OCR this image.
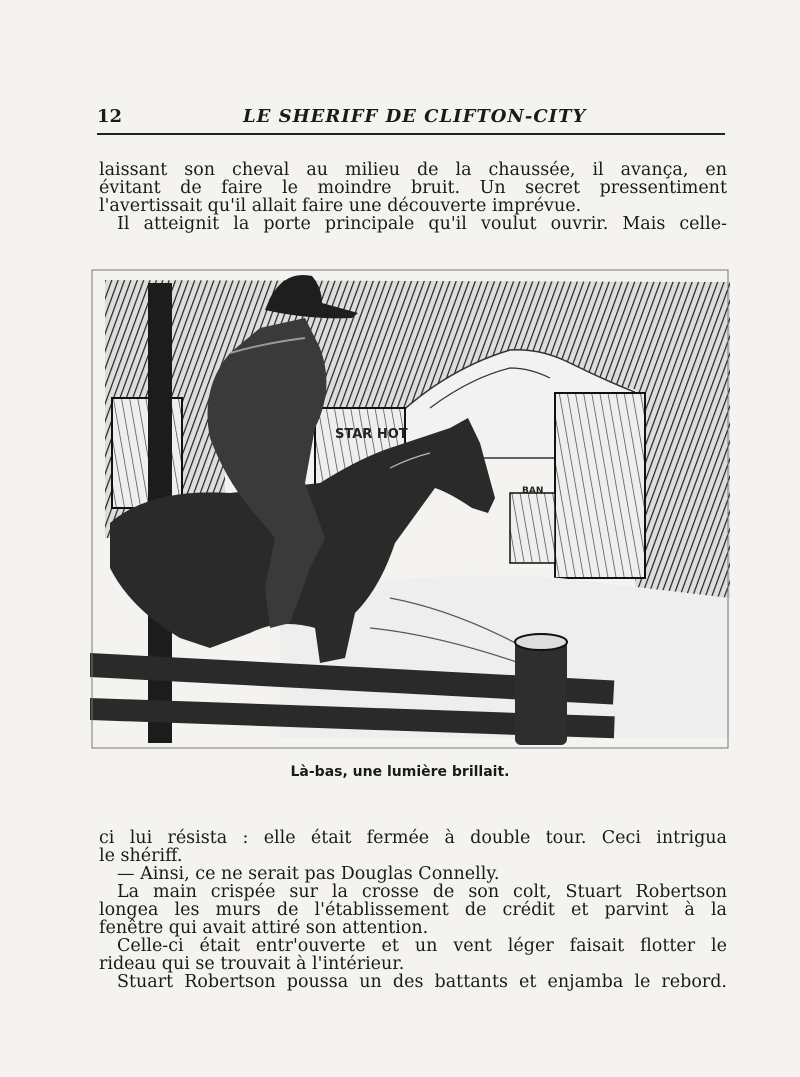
12	LE SHERIFF DE CLIFTON-CITY
laissant son cheval au milieu de la chaussée, il avança, en
évitant de faire le moindre bruit. Un secret pressentiment
l'avertissait qu'il allait faire une découverte imprévue.
Il atteignit la porte principale qu'il voulut ouvrir. Mais celle-
STAR HOT
BAN
Là-bas, une lumière brillait.
ci lui résista : elle était fermée à double tour. Ceci intrigua
le shériff.
— Ainsi, ce ne serait pas Douglas Connelly.
La main crispée sur la crosse de son colt, Stuart Robertson
longea les murs de l'établissement de crédit et parvint à la
fenêtre qui avait attiré son attention.
Celle-ci était entr'ouverte et un vent léger faisait flotter le
rideau qui se trouvait à l'intérieur.
Stuart Robertson poussa un des battants et enjamba le rebord.
